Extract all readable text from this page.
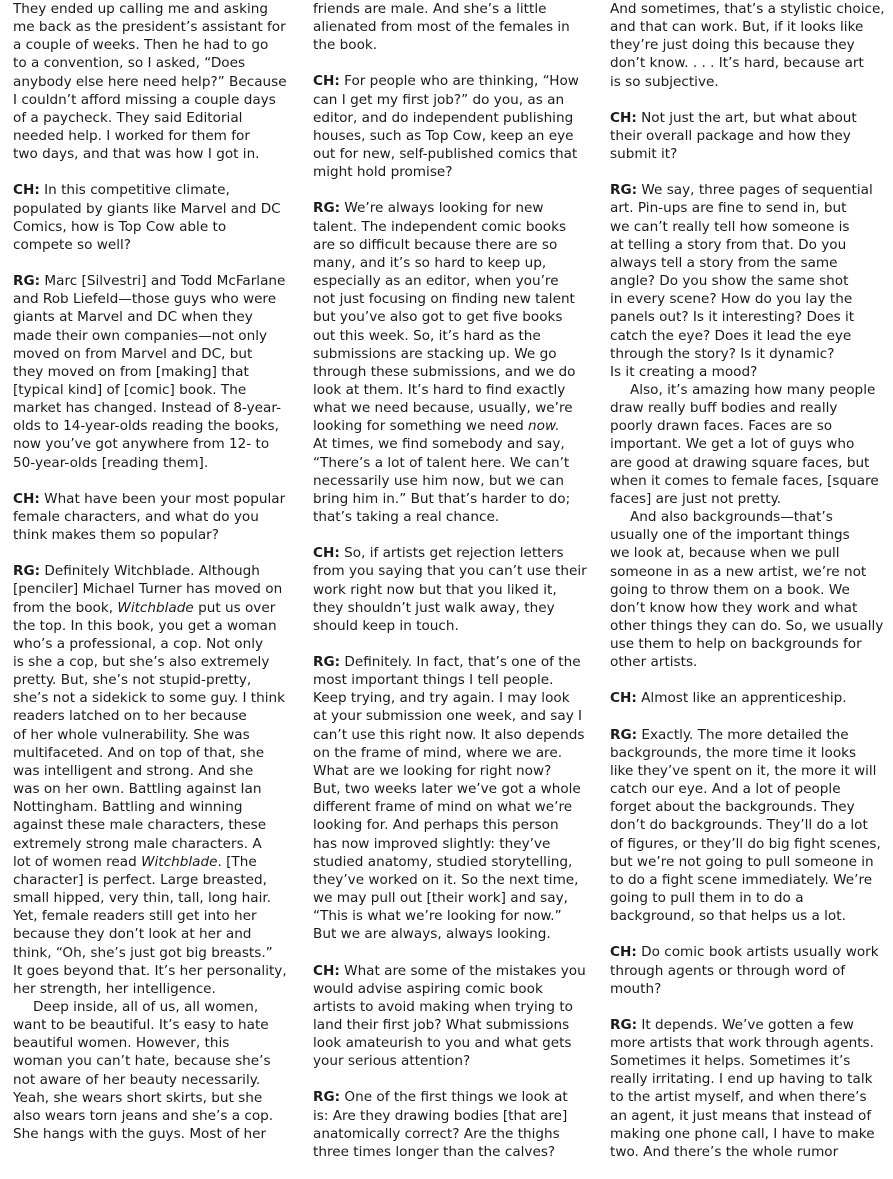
They ended up calling me and asking
me back as the president’s assistant for
a couple of weeks. Then he had to go
to a convention, so I asked, “Does
anybody else here need help?” Because
I couldn’t afford missing a couple days
of a paycheck. They said Editorial
needed help. I worked for them for
two days, and that was how I got in.

CH: In this competitive climate,
populated by giants like Marvel and DC
Comics, how is Top Cow able to
compete so well?

RG: Marc [Silvestri] and Todd McFarlane
and Rob Liefeld—those guys who were
giants at Marvel and DC when they
made their own companies—not only
moved on from Marvel and DC, but
they moved on from [making] that
[typical kind] of [comic] book. The
market has changed. Instead of 8-year-
olds to 14-year-olds reading the books,
now you’ve got anywhere from 12- to
50-year-olds [reading them].

CH: What have been your most popular
female characters, and what do you
think makes them so popular?

RG: Definitely Witchblade. Although
[penciler] Michael Turner has moved on
from the book, Witchblade put us over
the top. In this book, you get a woman
who’s a professional, a cop. Not only
is she a cop, but she’s also extremely
pretty. But, she’s not stupid-pretty,
she’s not a sidekick to some guy. I think
readers latched on to her because
of her whole vulnerability. She was
multifaceted. And on top of that, she
was intelligent and strong. And she
was on her own. Battling against Ian
Nottingham. Battling and winning
against these male characters, these
extremely strong male characters. A
lot of women read Witchblade. [The
character] is perfect. Large breasted,
small hipped, very thin, tall, long hair.
Yet, female readers still get into her
because they don’t look at her and
think, “Oh, she’s just got big breasts.”
It goes beyond that. It’s her personality,
her strength, her intelligence.

Deep inside, all of us, all women,
want to be beautiful. It’s easy to hate
beautiful women. However, this
woman you can’t hate, because she’s
not aware of her beauty necessarily.
Yeah, she wears short skirts, but she
also wears torn jeans and she’s a cop.
She hangs with the guys. Most of her

friends are male. And she’s a little
alienated from most of the females in
the book.

CH: For people who are thinking, “How
can I get my first job?” do you, as an
editor, and do independent publishing
houses, such as Top Cow, keep an eye
out for new, self-published comics that
might hold promise?

RG: We’re always looking for new
talent. The independent comic books
are so difficult because there are so
many, and it’s so hard to keep up,
especially as an editor, when you’re
not just focusing on finding new talent
but you’ve also got to get five books
out this week. So, it’s hard as the
submissions are stacking up. We go
through these submissions, and we do
look at them. It’s hard to find exactly
what we need because, usually, we’re
looking for something we need now.
At times, we find somebody and say,
“There’s a lot of talent here. We can’t
necessarily use him now, but we can
bring him in.” But that’s harder to do;
that’s taking a real chance.

CH: So, if artists get rejection letters
from you saying that you can’t use their
work right now but that you liked it,
they shouldn’t just walk away, they
should keep in touch.

RG: Definitely. In fact, that’s one of the
most important things I tell people.
Keep trying, and try again. I may look
at your submission one week, and say I
can’t use this right now. It also depends
on the frame of mind, where we are.
What are we looking for right now?
But, two weeks later we’ve got a whole
different frame of mind on what we’re
looking for. And perhaps this person
has now improved slightly: they’ve
studied anatomy, studied storytelling,
they’ve worked on it. So the next time,
we may pull out [their work] and say,
“This is what we’re looking for now.”
But we are always, always looking.

CH: What are some of the mistakes you
would advise aspiring comic book
artists to avoid making when trying to
land their first job? What submissions
look amateurish to you and what gets
your serious attention?

RG: One of the first things we look at
is: Are they drawing bodies [that are]
anatomically correct? Are the thighs
three times longer than the calves?

And sometimes, that’s a stylistic choice,
and that can work. But, if it looks like
they’re just doing this because they
don’t know. . . . It’s hard, because art
is so subjective.

CH: Not just the art, but what about
their overall package and how they
submit it?

RG: We say, three pages of sequential
art. Pin-ups are fine to send in, but
we can’t really tell how someone is
at telling a story from that. Do you
always tell a story from the same
angle? Do you show the same shot
in every scene? How do you lay the
panels out? Is it interesting? Does it
catch the eye? Does it lead the eye
through the story? Is it dynamic?
Is it creating a mood?

Also, it’s amazing how many people
draw really buff bodies and really
poorly drawn faces. Faces are so
important. We get a lot of guys who
are good at drawing square faces, but
when it comes to female faces, [square
faces] are just not pretty.

And also backgrounds—that’s
usually one of the important things
we look at, because when we pull
someone in as a new artist, we’re not
going to throw them on a book. We
don’t know how they work and what
other things they can do. So, we usually
use them to help on backgrounds for
other artists.

CH: Almost like an apprenticeship.

RG: Exactly. The more detailed the
backgrounds, the more time it looks
like they’ve spent on it, the more it will
catch our eye. And a lot of people
forget about the backgrounds. They
don’t do backgrounds. They’ll do a lot
of figures, or they’ll do big fight scenes,
but we’re not going to pull someone in
to do a fight scene immediately. We’re
going to pull them in to do a
background, so that helps us a lot.

CH: Do comic book artists usually work
through agents or through word of
mouth?

RG: It depends. We’ve gotten a few
more artists that work through agents.
Sometimes it helps. Sometimes it’s
really irritating. I end up having to talk
to the artist myself, and when there’s
an agent, it just means that instead of
making one phone call, I have to make
two. And there’s the whole rumor
